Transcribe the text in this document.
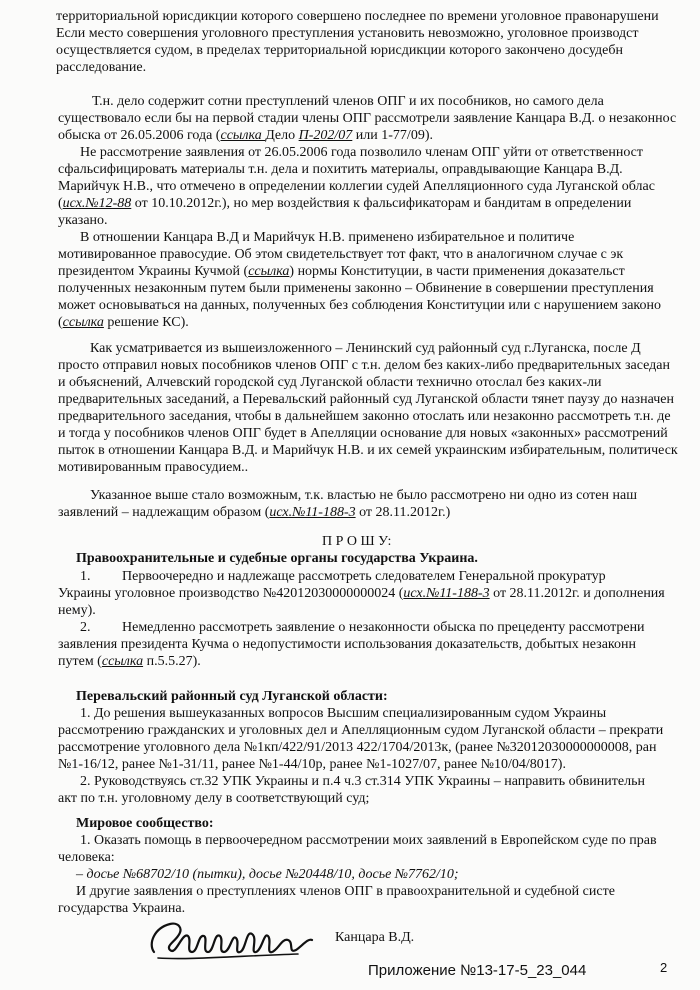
территориальной юрисдикции которого совершено последнее по времени уголовное правонарушени
Если место совершения уголовного преступления установить невозможно, уголовное производст
осуществляется судом, в пределах территориальной юрисдикции которого закончено досудебн
расследование.
Т.н. дело содержит сотни преступлений членов ОПГ и их пособников, но самого дела
существовало если бы на первой стадии члены ОПГ рассмотрели заявление Канцара В.Д. о незаконнос
обыска от 26.05.2006 года (ссылка Дело П-202/07 или 1-77/09).
Не рассмотрение заявления от 26.05.2006 года позволило членам ОПГ уйти от ответственност
сфальсифицировать материалы т.н. дела и похитить материалы, оправдывающие Канцара В.Д.
Марийчук Н.В., что отмечено в определении коллегии судей Апелляционного суда Луганской облас
(исх.№12-88 от 10.10.2012г.), но мер воздействия к фальсификаторам и бандитам в определении
указано.
В отношении Канцара В.Д и Марийчук Н.В. применено избирательное и политиче
мотивированное правосудие. Об этом свидетельствует тот факт, что в аналогичном случае с эк
президентом Украины Кучмой (ссылка) нормы Конституции, в части применения доказательст
полученных незаконным путем были применены законно – Обвинение в совершении преступления
может основываться на данных, полученных без соблюдения Конституции или с нарушением законо
(ссылка решение КС).
Как усматривается из вышеизложенного – Ленинский суд районный суд г.Луганска, после Д
просто отправил новых пособников членов ОПГ с т.н. делом без каких-либо предварительных заседан
и объяснений, Алчевский городской суд Луганской области технично отослал без каких-ли
предварительных заседаний, а Перевальский районный суд Луганской области тянет паузу до назначен
предварительного заседания, чтобы в дальнейшем законно отослать или незаконно рассмотреть т.н. де
и тогда у пособников членов ОПГ будет в Апелляции основание для новых «законных» рассмотрений
пыток в отношении Канцара В.Д. и Марийчук Н.В. и их семей украинским избирательным, политическ
мотивированным правосудием..
Указанное выше стало возможным, т.к. властью не было рассмотрено ни одно из сотен наш
заявлений – надлежащим образом (исх.№11-188-3 от 28.11.2012г.)
П Р О Ш У:
Правоохранительные и судебные органы государства Украина.
1.         Первоочередно и надлежаще рассмотреть следователем Генеральной прокуратур
Украины уголовное производство №42012030000000024 (исх.№11-188-3 от 28.11.2012г. и дополнения
нему).
2.         Немедленно рассмотреть заявление о незаконности обыска по прецеденту рассмотрени
заявления президента Кучма о недопустимости использования доказательств, добытых незаконн
путем (ссылка п.5.5.27).
Перевальский районный суд Луганской области:
1. До решения вышеуказанных вопросов Высшим специализированным судом Украины
рассмотрению гражданских и уголовных дел и Апелляционным судом Луганской области – прекрати
рассмотрение уголовного дела №1кп/422/91/2013 422/1704/2013к, (ранее №32012030000000008, ран
№1-16/12, ранее №1-31/11, ранее №1-44/10р, ранее №1-1027/07, ранее №10/04/8017).
2. Руководствуясь ст.32 УПК Украины и п.4 ч.3 ст.314 УПК Украины – направить обвинительн
акт по т.н. уголовному делу в соответствующий суд;
Мировое сообщество:
1. Оказать помощь в первоочередном рассмотрении моих заявлений в Европейском суде по прав
человека:
– досье №68702/10 (пытки), досье №20448/10, досье №7762/10;
И другие заявления о преступлениях членов ОПГ в правоохранительной и судебной систе
государства Украина.
Канцара В.Д.
Приложение №13-17-5_23_044	2
